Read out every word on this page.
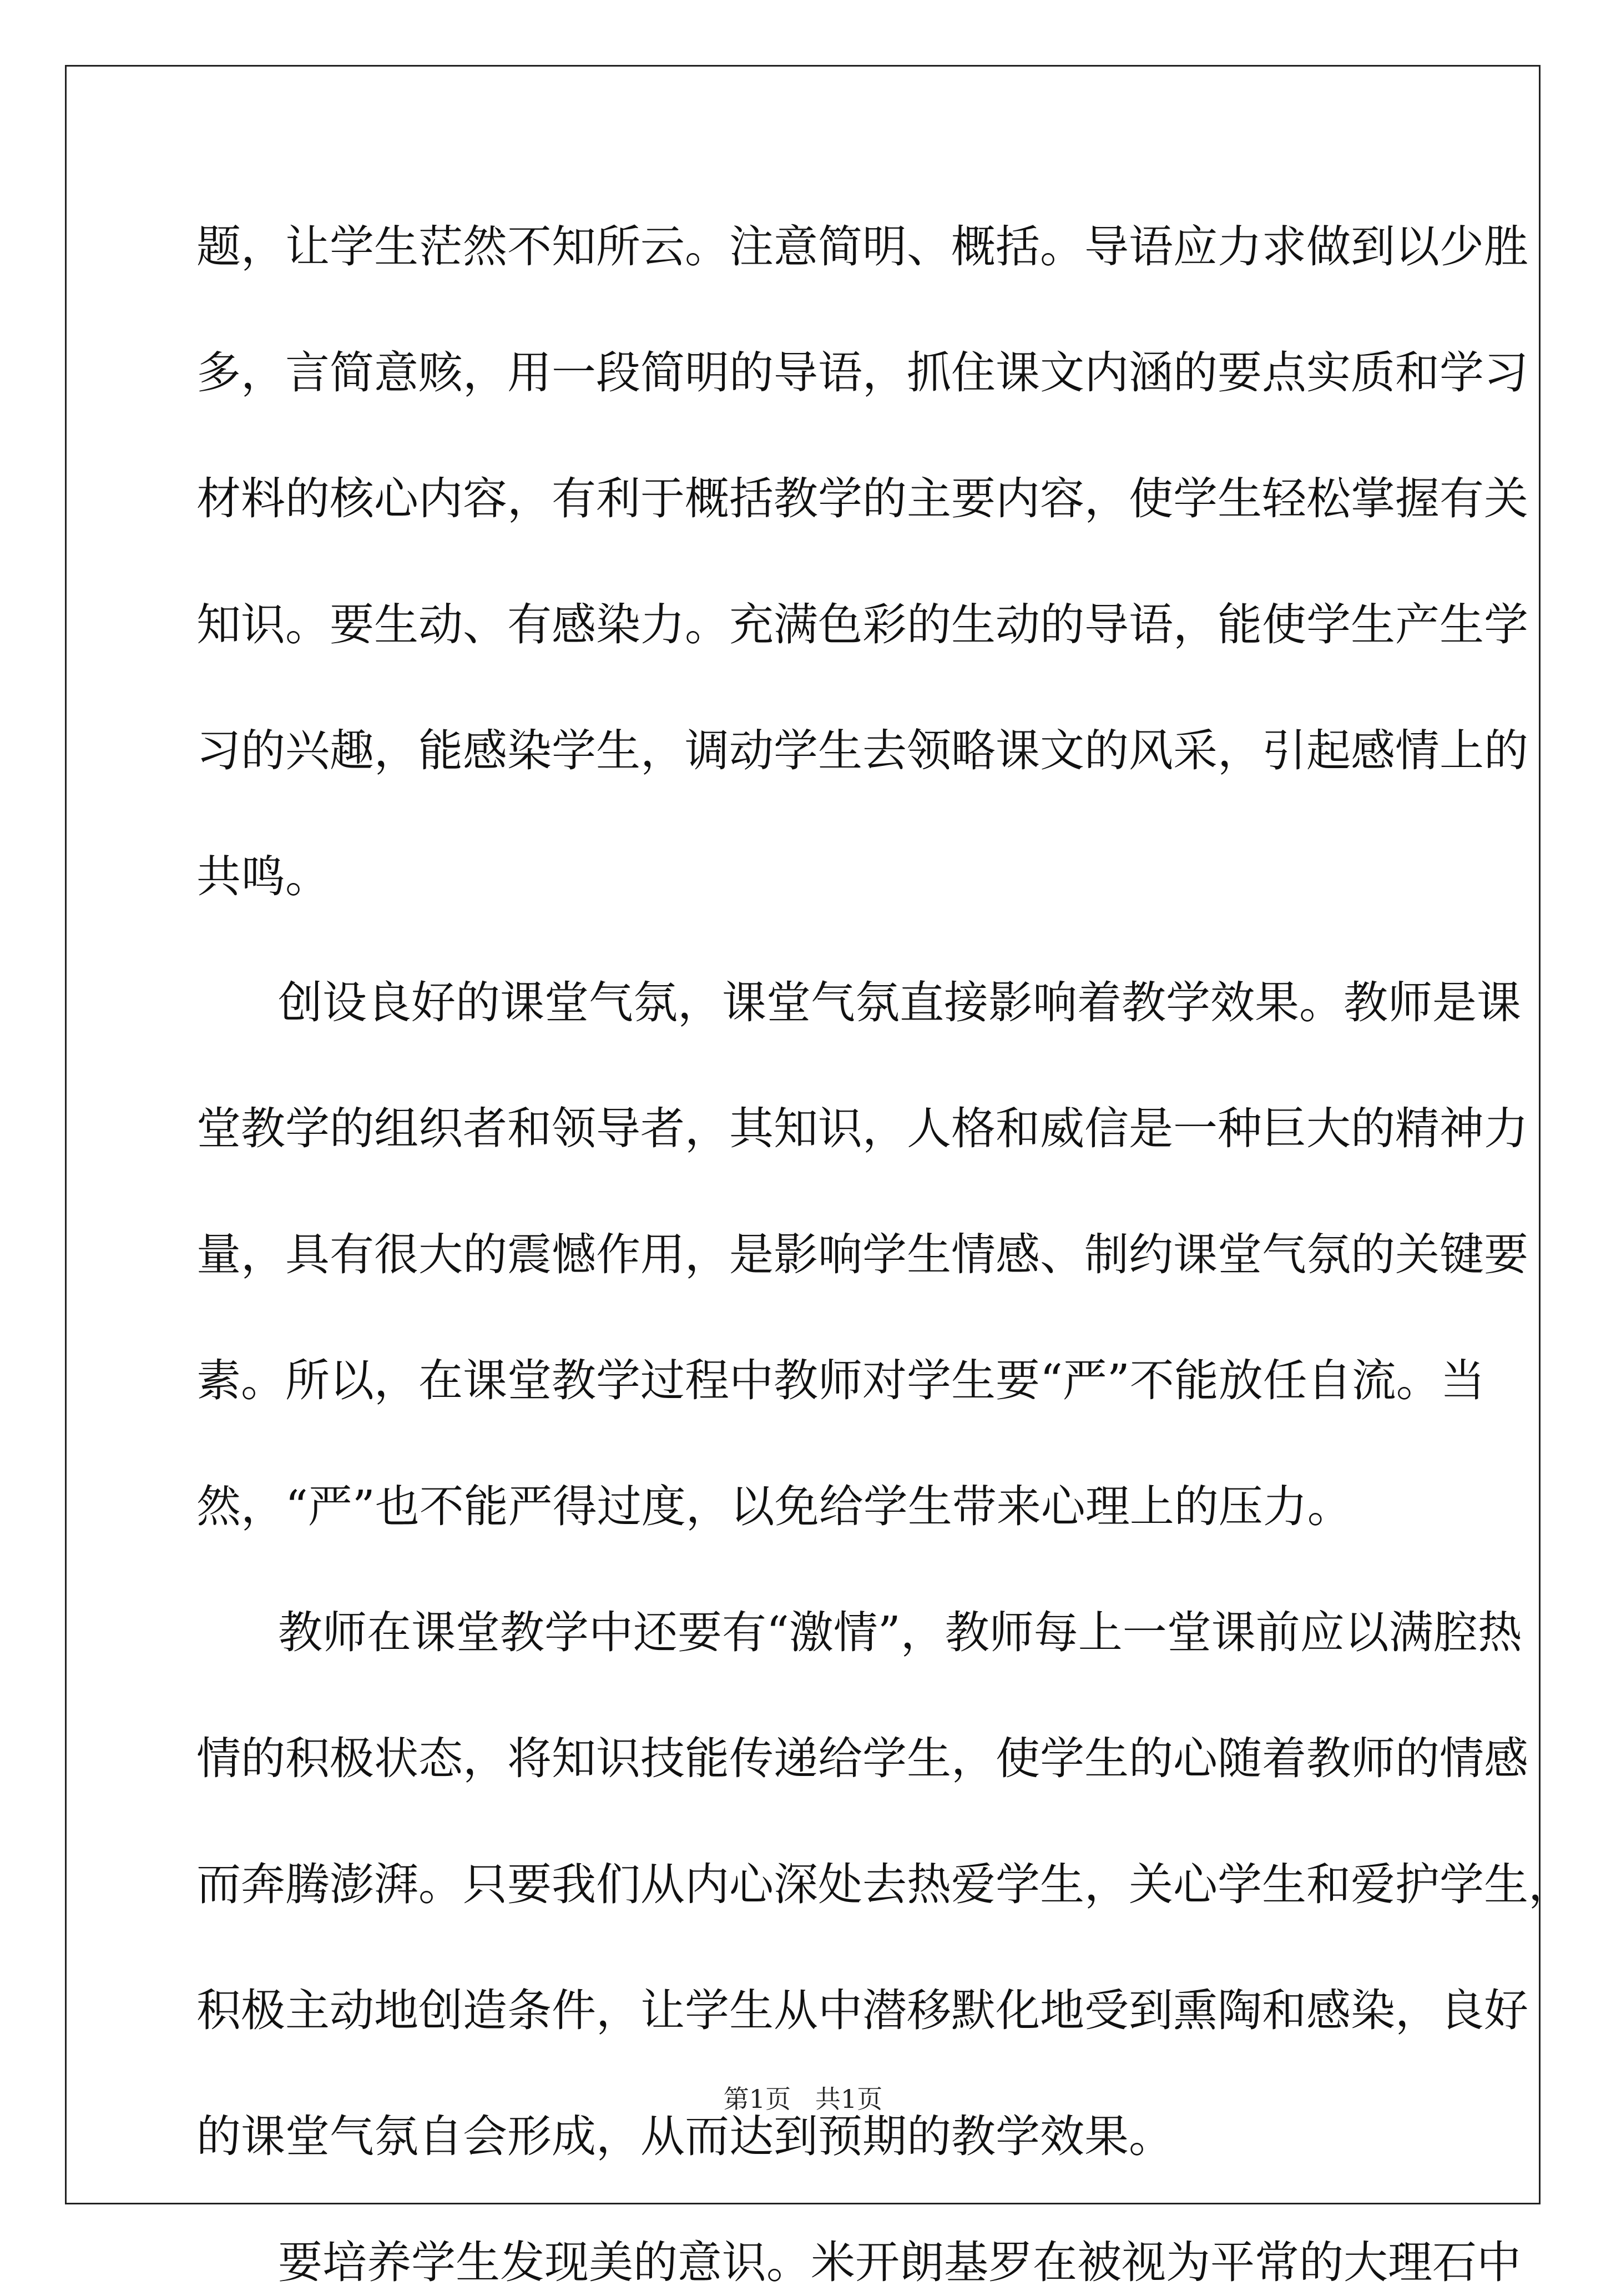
题，让学生茫然不知所云。注意简明、概括。导语应力求做到以少胜
多，言简意赅，用一段简明的导语，抓住课文内涵的要点实质和学习
材料的核心内容，有利于概括教学的主要内容，使学生轻松掌握有关
知识。要生动、有感染力。充满色彩的生动的导语，能使学生产生学
习的兴趣，能感染学生，调动学生去领略课文的风采，引起感情上的
共鸣。
创设良好的课堂气氛，课堂气氛直接影响着教学效果。教师是课
堂教学的组织者和领导者，其知识，人格和威信是一种巨大的精神力
量，具有很大的震憾作用，是影响学生情感、制约课堂气氛的关键要
素。所以，在课堂教学过程中教师对学生要“严”不能放任自流。当
然，“严”也不能严得过度，以免给学生带来心理上的压力。
教师在课堂教学中还要有“激情”，教师每上一堂课前应以满腔热
情的积极状态，将知识技能传递给学生，使学生的心随着教师的情感
而奔腾澎湃。只要我们从内心深处去热爱学生，关心学生和爱护学生，
积极主动地创造条件，让学生从中潜移默化地受到熏陶和感染，良好
的课堂气氛自会形成，从而达到预期的教学效果。
要培养学生发现美的意识。米开朗基罗在被视为平常的大理石中
第1页   共1页
